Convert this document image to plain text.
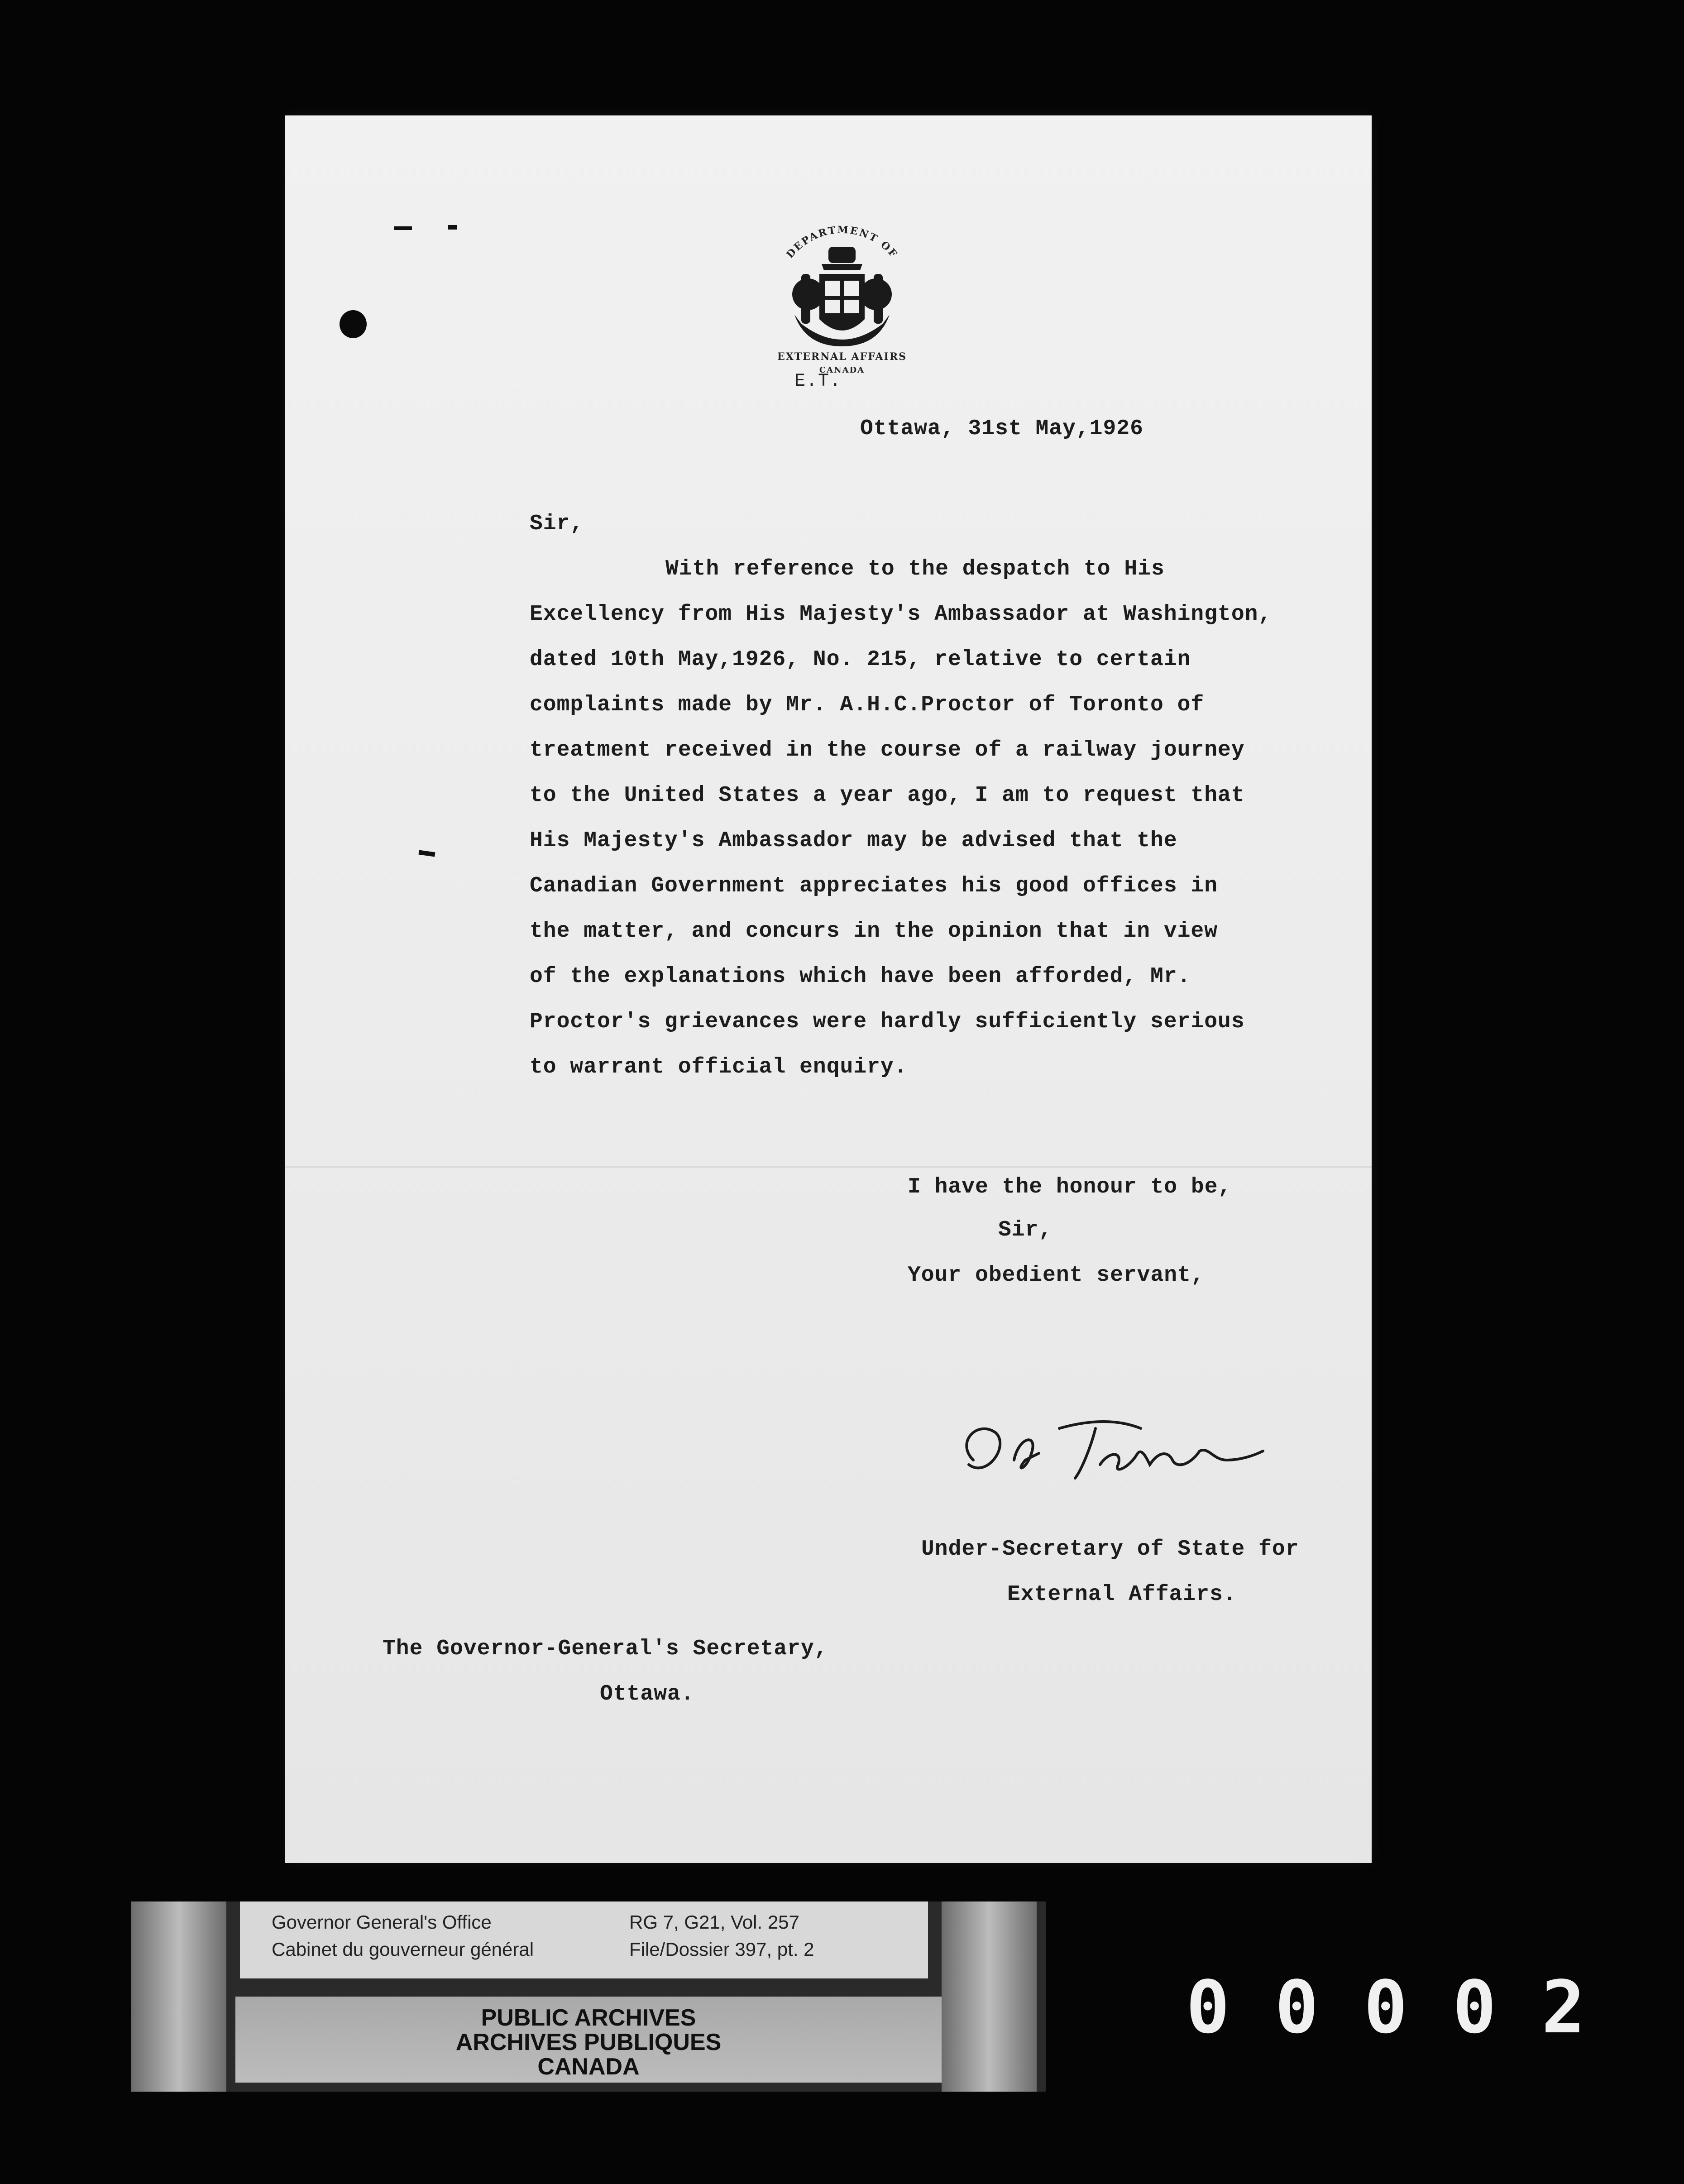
DEPARTMENT OF
EXTERNAL AFFAIRS
CANADA
E.T.
Ottawa, 31st May,1926
Sir,
With reference to the despatch to His
Excellency from His Majesty's Ambassador at Washington,
dated 10th May,1926, No. 215, relative to certain
complaints made by Mr. A.H.C.Proctor of Toronto of
treatment received in the course of a railway journey
to the United States a year ago, I am to request that
His Majesty's Ambassador may be advised that the
Canadian Government appreciates his good offices in
the matter, and concurs in the opinion that in view
of the explanations which have been afforded, Mr.
Proctor's grievances were hardly sufficiently serious
to warrant official enquiry.
I have the honour to be,
Sir,
Your obedient servant,
Under-Secretary of State for
External Affairs.
The Governor-General's Secretary,
Ottawa.
Governor General's Office
Cabinet du gouverneur général
RG 7, G21, Vol. 257
File/Dossier 397, pt. 2
PUBLIC ARCHIVES
ARCHIVES PUBLIQUES
CANADA
00002
